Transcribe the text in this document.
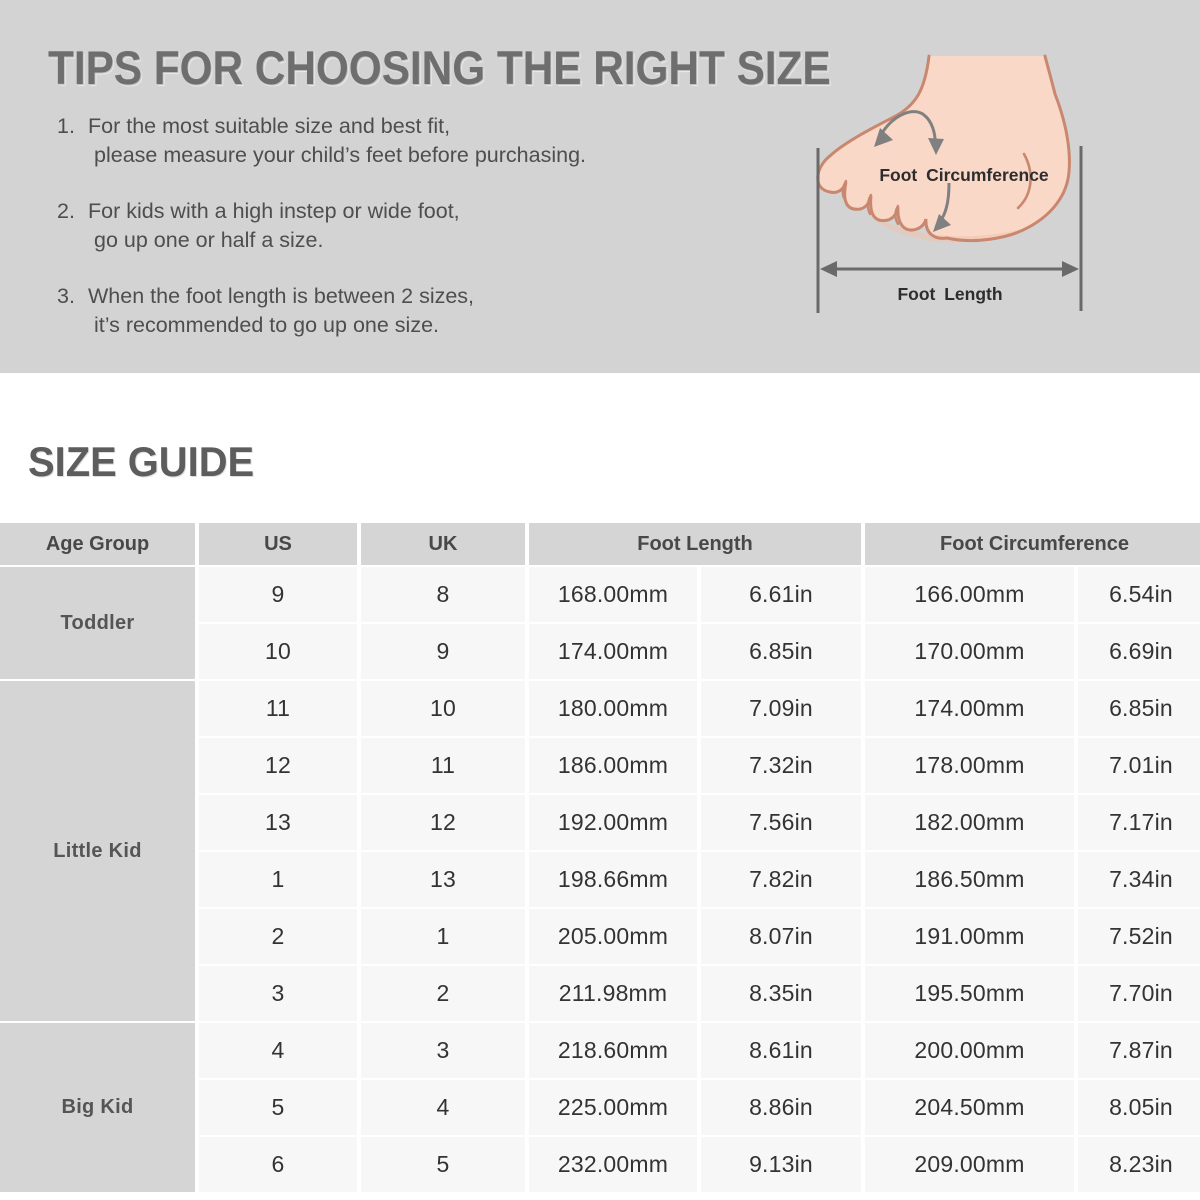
TIPS FOR CHOOSING THE RIGHT SIZE
1. For the most suitable size and best fit,
please measure your child’s feet before purchasing.
2. For kids with a high instep or wide foot,
go up one or half a size.
3. When the foot length is between 2 sizes,
it’s recommended to go up one size.
Foot Circumference
Foot Length
SIZE GUIDE
Age Group	US	UK	Foot Length		Foot Circumference	
Toddler	9	8	168.00mm	6.61in	166.00mm	6.54in
	10	9	174.00mm	6.85in	170.00mm	6.69in
Little Kid	11	10	180.00mm	7.09in	174.00mm	6.85in
	12	11	186.00mm	7.32in	178.00mm	7.01in
	13	12	192.00mm	7.56in	182.00mm	7.17in
	1	13	198.66mm	7.82in	186.50mm	7.34in
	2	1	205.00mm	8.07in	191.00mm	7.52in
	3	2	211.98mm	8.35in	195.50mm	7.70in
Big Kid	4	3	218.60mm	8.61in	200.00mm	7.87in
	5	4	225.00mm	8.86in	204.50mm	8.05in
	6	5	232.00mm	9.13in	209.00mm	8.23in
